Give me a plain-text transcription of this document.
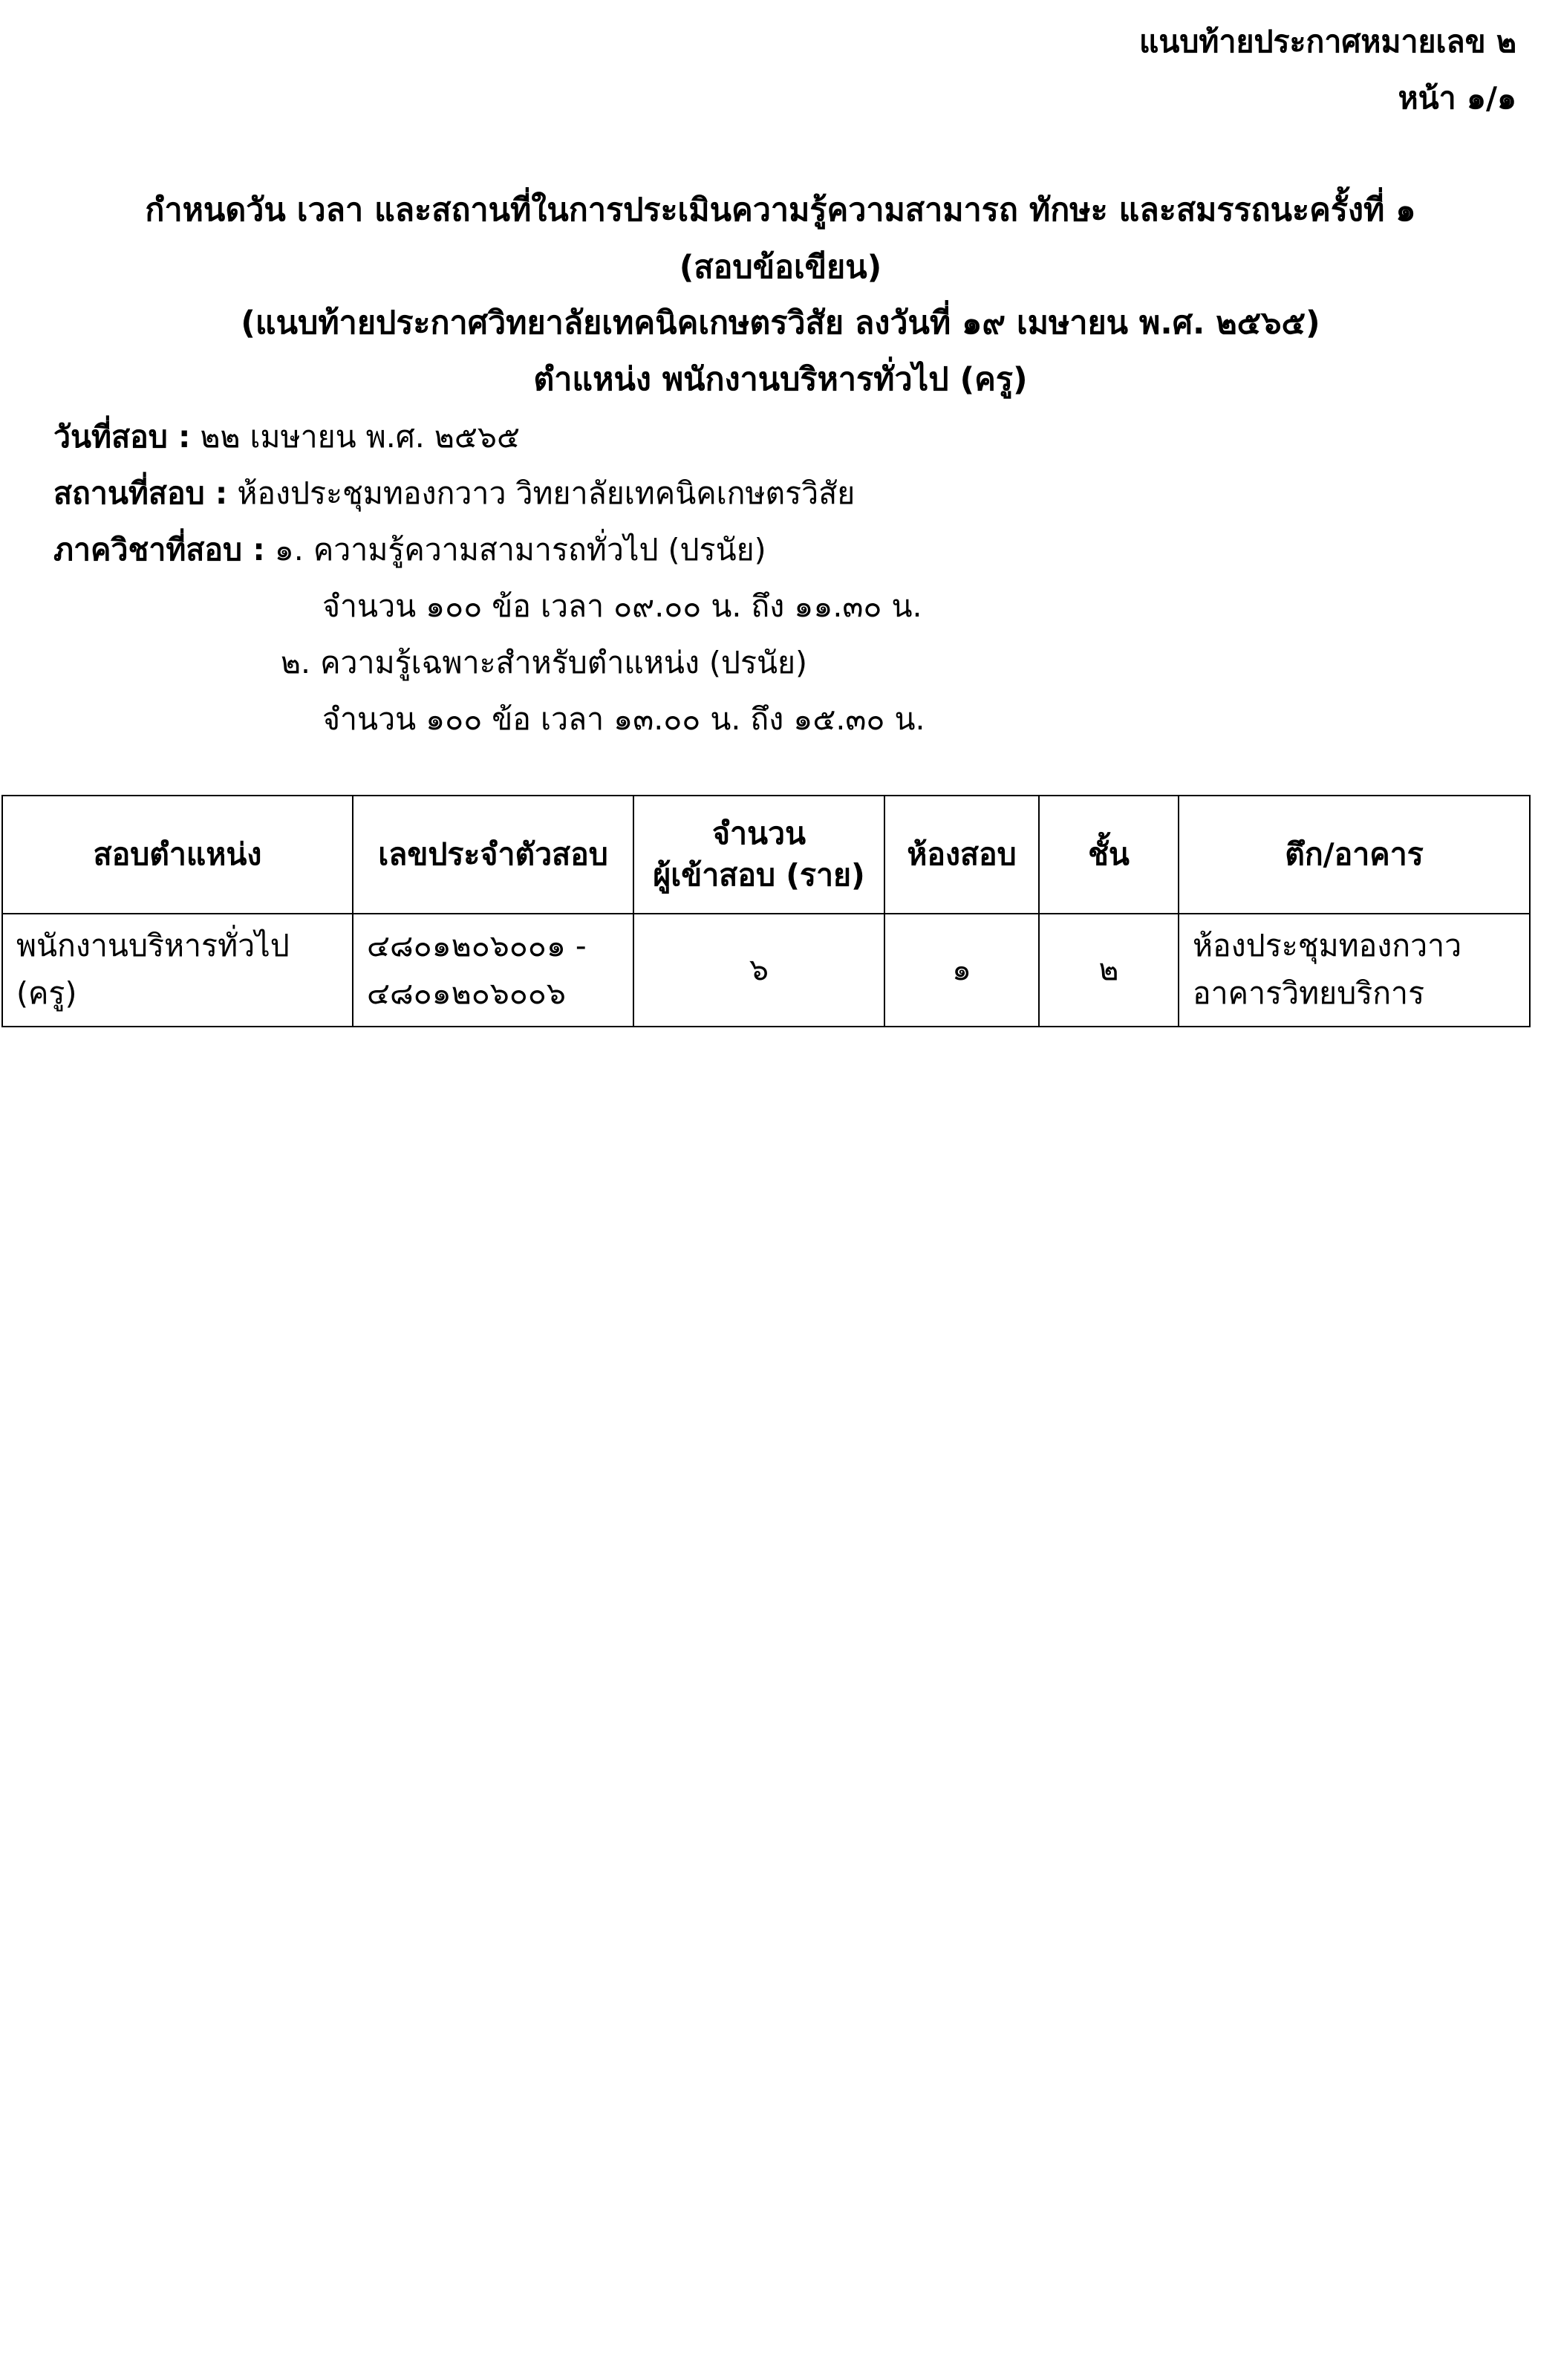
แนบท้ายประกาศหมายเลข ๒
หน้า ๑/๑
กำหนดวัน เวลา และสถานที่ในการประเมินความรู้ความสามารถ ทักษะ และสมรรถนะครั้งที่ ๑
(สอบข้อเขียน)
(แนบท้ายประกาศวิทยาลัยเทคนิคเกษตรวิสัย ลงวันที่ ๑๙ เมษายน พ.ศ. ๒๕๖๕)
ตำแหน่ง พนักงานบริหารทั่วไป (ครู)
วันที่สอบ : ๒๒ เมษายน พ.ศ. ๒๕๖๕
สถานที่สอบ : ห้องประชุมทองกวาว วิทยาลัยเทคนิคเกษตรวิสัย
ภาควิชาที่สอบ : ๑. ความรู้ความสามารถทั่วไป (ปรนัย)
จำนวน ๑๐๐ ข้อ เวลา ๐๙.๐๐ น. ถึง ๑๑.๓๐ น.
๒. ความรู้เฉพาะสำหรับตำแหน่ง (ปรนัย)
จำนวน ๑๐๐ ข้อ เวลา ๑๓.๐๐ น. ถึง ๑๕.๓๐ น.
สอบตำแหน่ง	เลขประจำตัวสอบ	จำนวน
ผู้เข้าสอบ (ราย)	ห้องสอบ	ชั้น	ตึก/อาคาร

พนักงานบริหารทั่วไป
(ครู)	๔๘๐๑๒๐๖๐๐๑ -
๔๘๐๑๒๐๖๐๐๖	๖	๑	๒	ห้องประชุมทองกวาว
อาคารวิทยบริการ
